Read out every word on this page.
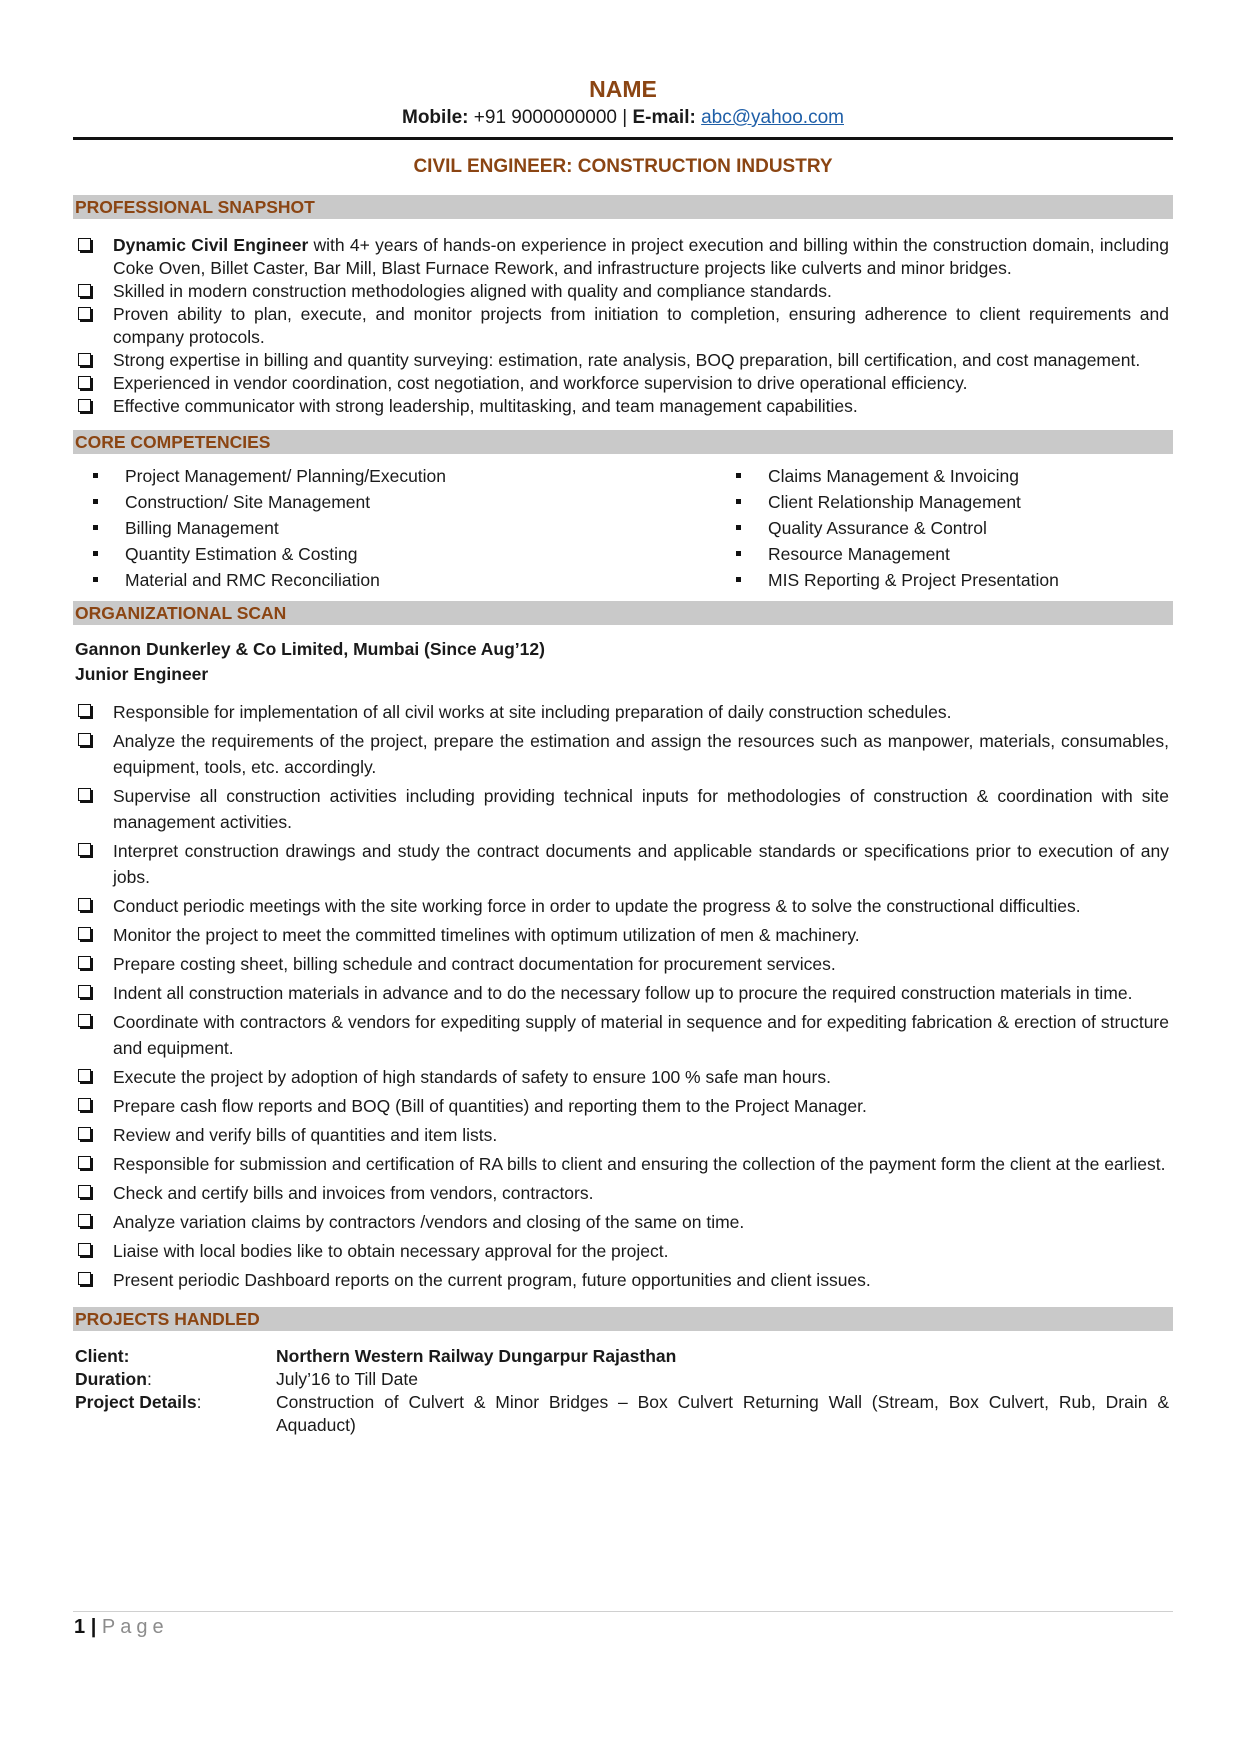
NAME
Mobile: +91 9000000000 | E-mail: abc@yahoo.com
CIVIL ENGINEER: CONSTRUCTION INDUSTRY
PROFESSIONAL SNAPSHOT
Dynamic Civil Engineer with 4+ years of hands-on experience in project execution and billing within the construction domain, including Coke Oven, Billet Caster, Bar Mill, Blast Furnace Rework, and infrastructure projects like culverts and minor bridges.
Skilled in modern construction methodologies aligned with quality and compliance standards.
Proven ability to plan, execute, and monitor projects from initiation to completion, ensuring adherence to client requirements and company protocols.
Strong expertise in billing and quantity surveying: estimation, rate analysis, BOQ preparation, bill certification, and cost management.
Experienced in vendor coordination, cost negotiation, and workforce supervision to drive operational efficiency.
Effective communicator with strong leadership, multitasking, and team management capabilities.
CORE COMPETENCIES
Project Management/ Planning/Execution
Construction/ Site Management
Billing Management
Quantity Estimation & Costing
Material and RMC Reconciliation
Claims Management & Invoicing
Client Relationship Management
Quality Assurance & Control
Resource Management
MIS Reporting & Project Presentation
ORGANIZATIONAL SCAN
Gannon Dunkerley & Co Limited, Mumbai (Since Aug’12)
Junior Engineer
Responsible for implementation of all civil works at site including preparation of daily construction schedules.
Analyze the requirements of the project, prepare the estimation and assign the resources such as manpower, materials, consumables, equipment, tools, etc. accordingly.
Supervise all construction activities including providing technical inputs for methodologies of construction & coordination with site management activities.
Interpret construction drawings and study the contract documents and applicable standards or specifications prior to execution of any jobs.
Conduct periodic meetings with the site working force in order to update the progress & to solve the constructional difficulties.
Monitor the project to meet the committed timelines with optimum utilization of men & machinery.
Prepare costing sheet, billing schedule and contract documentation for procurement services.
Indent all construction materials in advance and to do the necessary follow up to procure the required construction materials in time.
Coordinate with contractors & vendors for expediting supply of material in sequence and for expediting fabrication & erection of structure and equipment.
Execute the project by adoption of high standards of safety to ensure 100 % safe man hours.
Prepare cash flow reports and BOQ (Bill of quantities) and reporting them to the Project Manager.
Review and verify bills of quantities and item lists.
Responsible for submission and certification of RA bills to client and ensuring the collection of the payment form the client at the earliest.
Check and certify bills and invoices from vendors, contractors.
Analyze variation claims by contractors /vendors and closing of the same on time.
Liaise with local bodies like to obtain necessary approval for the project.
Present periodic Dashboard reports on the current program, future opportunities and client issues.
PROJECTS HANDLED
Client:	Northern Western Railway Dungarpur Rajasthan
Duration:	July’16 to Till Date
Project Details:	Construction of Culvert & Minor Bridges – Box Culvert Returning Wall (Stream, Box Culvert, Rub, Drain & Aquaduct)
1 | Page
